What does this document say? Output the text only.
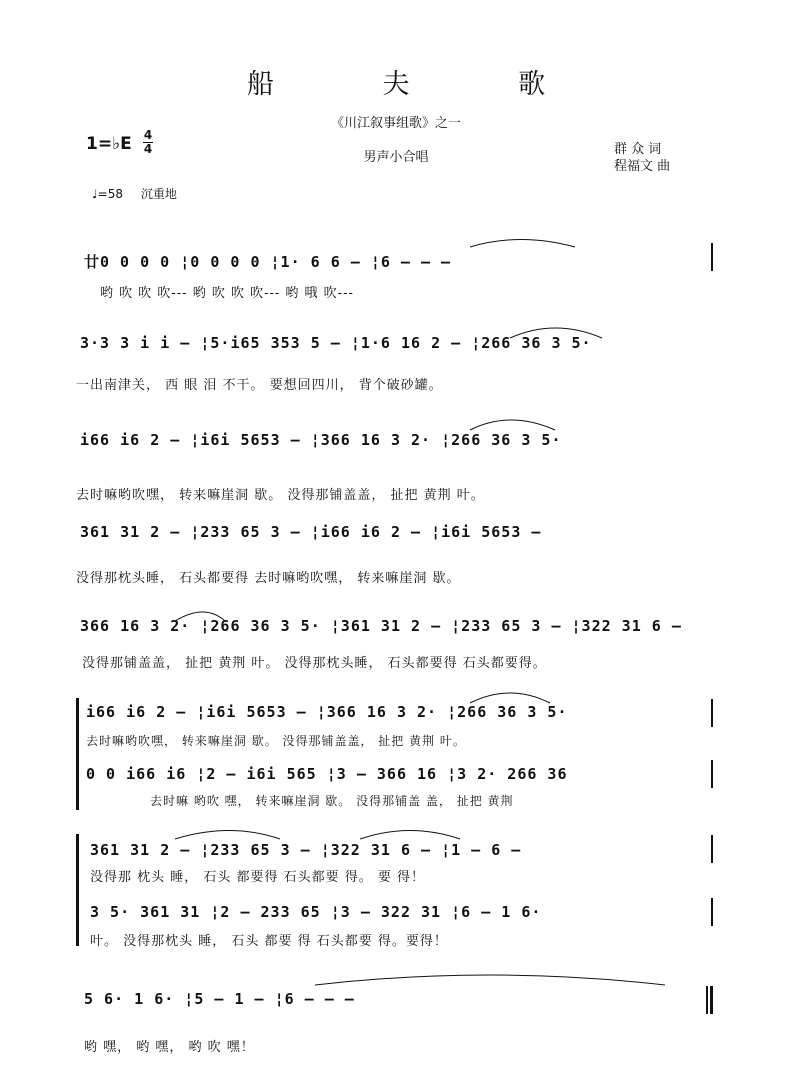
船 夫 歌
《川江叙事组歌》之一
男声小合唱
1=♭E 4
4	群 众 词
程福文 曲
♩=58 沉重地
廿0 0 0 0 ¦0 0 0 0 ¦1· 6 6 – ¦6 – – –
哟 吹 吹 吹--- 哟 吹 吹 吹--- 哟 哦 吹---
3·3 3 i i – ¦5·i65 353 5 – ¦1·6 16 2 – ¦266 36 3 5·
一出南津关， 西 眼 泪 不干。 要想回四川， 背个破砂罐。
i66 i6 2 – ¦i6i 5653 – ¦366 16 3 2· ¦266 36 3 5·
去时嘛哟吹嘿， 转来嘛崖洞 歇。 没得那铺盖盖， 扯把 黄荆 叶。
361 31 2 – ¦233 65 3 – ¦i66 i6 2 – ¦i6i 5653 –
没得那枕头睡， 石头都要得 去时嘛哟吹嘿， 转来嘛崖洞 歇。
366 16 3 2· ¦266 36 3 5· ¦361 31 2 – ¦233 65 3 – ¦322 31 6 –
没得那铺盖盖， 扯把 黄荆 叶。 没得那枕头睡， 石头都要得 石头都要得。
i66 i6 2 – ¦i6i 5653 – ¦366 16 3 2· ¦266 36 3 5·
去时嘛哟吹嘿， 转来嘛崖洞 歇。 没得那铺盖盖， 扯把 黄荆 叶。
0 0 i66 i6 ¦2 – i6i 565 ¦3 – 366 16 ¦3 2· 266 36
去时嘛 哟吹 嘿， 转来嘛崖洞 歇。 没得那铺盖 盖， 扯把 黄荆
361 31 2 – ¦233 65 3 – ¦322 31 6 – ¦1 – 6 –
没得那 枕头 睡， 石头 都要得 石头都要 得。 要 得！
3 5· 361 31 ¦2 – 233 65 ¦3 – 322 31 ¦6 – 1 6·
叶。 没得那枕头 睡， 石头 都要 得 石头都要 得。要得！
5 6· 1 6· ¦5 – 1 – ¦6 – – –
哟 嘿， 哟 嘿， 哟 吹 嘿！
